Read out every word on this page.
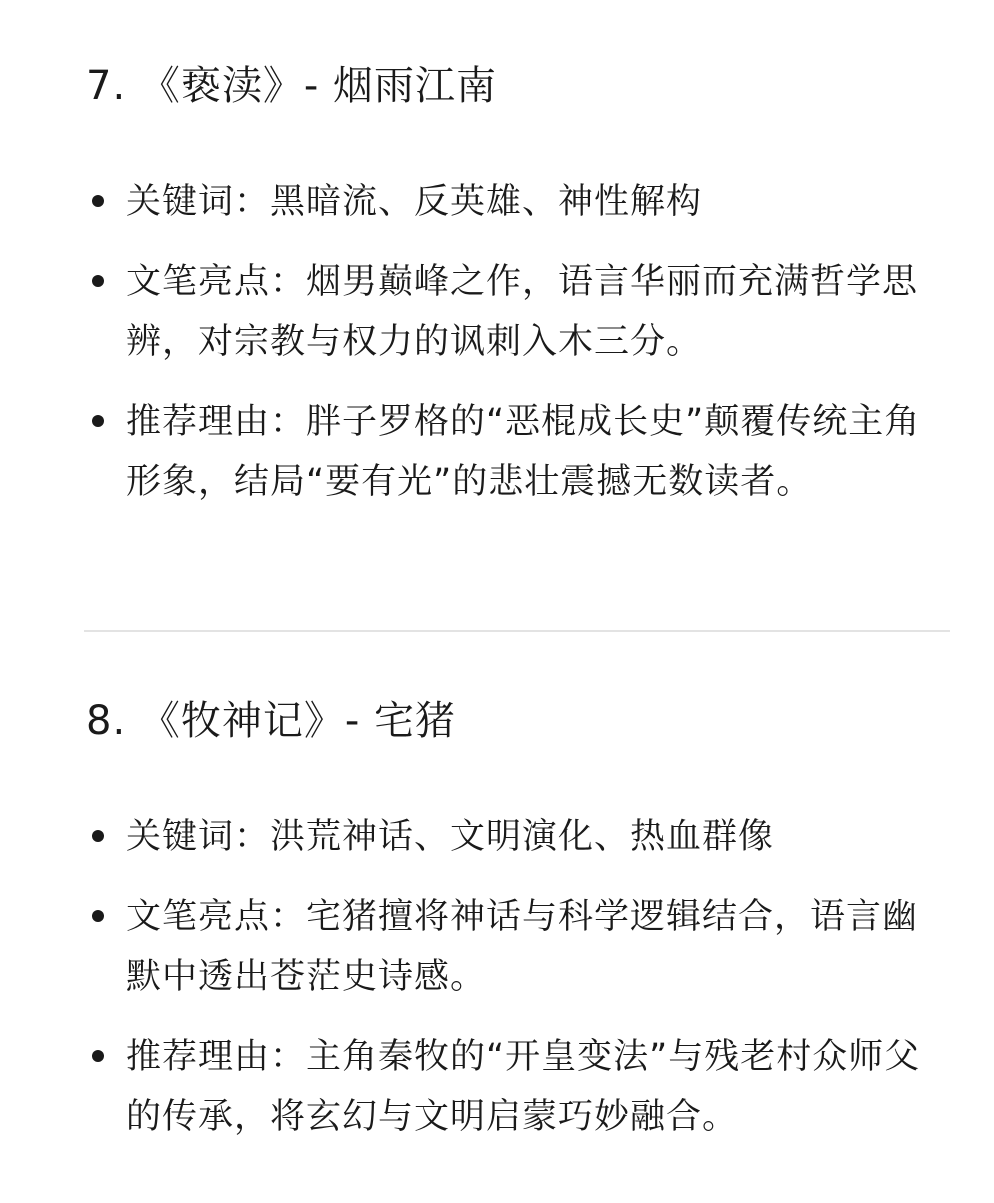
7. 《亵渎》- 烟雨江南
关键词：黑暗流、反英雄、神性解构
文笔亮点：烟男巅峰之作，语言华丽而充满哲学思辨，对宗教与权力的讽刺入木三分。
推荐理由：胖子罗格的“恶棍成长史”颠覆传统主角形象，结局“要有光”的悲壮震撼无数读者。
8. 《牧神记》- 宅猪
关键词：洪荒神话、文明演化、热血群像
文笔亮点：宅猪擅将神话与科学逻辑结合，语言幽默中透出苍茫史诗感。
推荐理由：主角秦牧的“开皇变法”与残老村众师父的传承，将玄幻与文明启蒙巧妙融合。
